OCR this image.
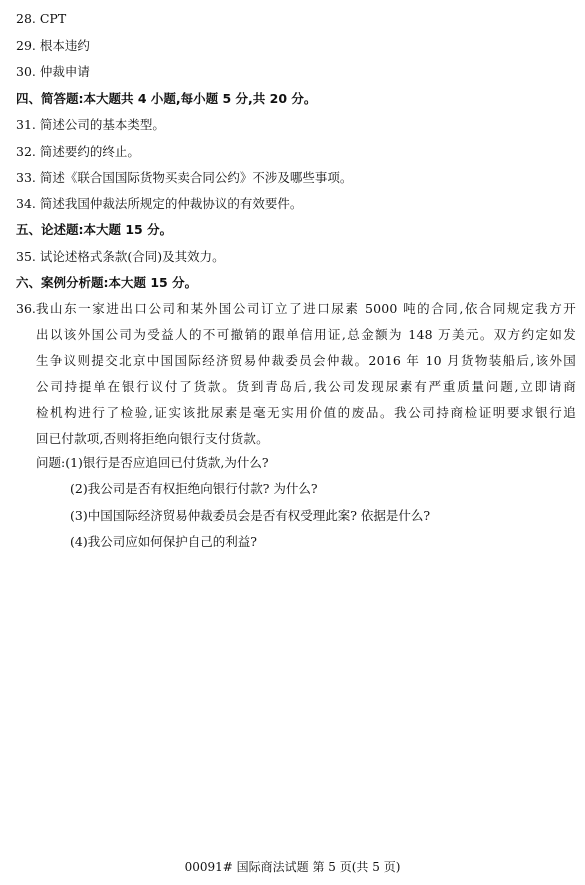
28. CPT
29. 根本违约
30. 仲裁申请
四、简答题:本大题共 4 小题,每小题 5 分,共 20 分。
31. 简述公司的基本类型。
32. 简述要约的终止。
33. 简述《联合国国际货物买卖合同公约》不涉及哪些事项。
34. 简述我国仲裁法所规定的仲裁协议的有效要件。
五、论述题:本大题 15 分。
35. 试论述格式条款(合同)及其效力。
六、案例分析题:本大题 15 分。
36. 我山东一家进出口公司和某外国公司订立了进口尿素 5000 吨的合同,依合同规定我方开
出以该外国公司为受益人的不可撤销的跟单信用证,总金额为 148 万美元。双方约定如发
生争议则提交北京中国国际经济贸易仲裁委员会仲裁。2016 年 10 月货物装船后,该外国
公司持提单在银行议付了货款。货到青岛后,我公司发现尿素有严重质量问题,立即请商
检机构进行了检验,证实该批尿素是毫无实用价值的废品。我公司持商检证明要求银行追
回已付款项,否则将拒绝向银行支付货款。
问题:(1)银行是否应追回已付货款,为什么?
(2)我公司是否有权拒绝向银行付款? 为什么?
(3)中国国际经济贸易仲裁委员会是否有权受理此案? 依据是什么?
(4)我公司应如何保护自己的利益?
00091# 国际商法试题 第 5 页(共 5 页)
